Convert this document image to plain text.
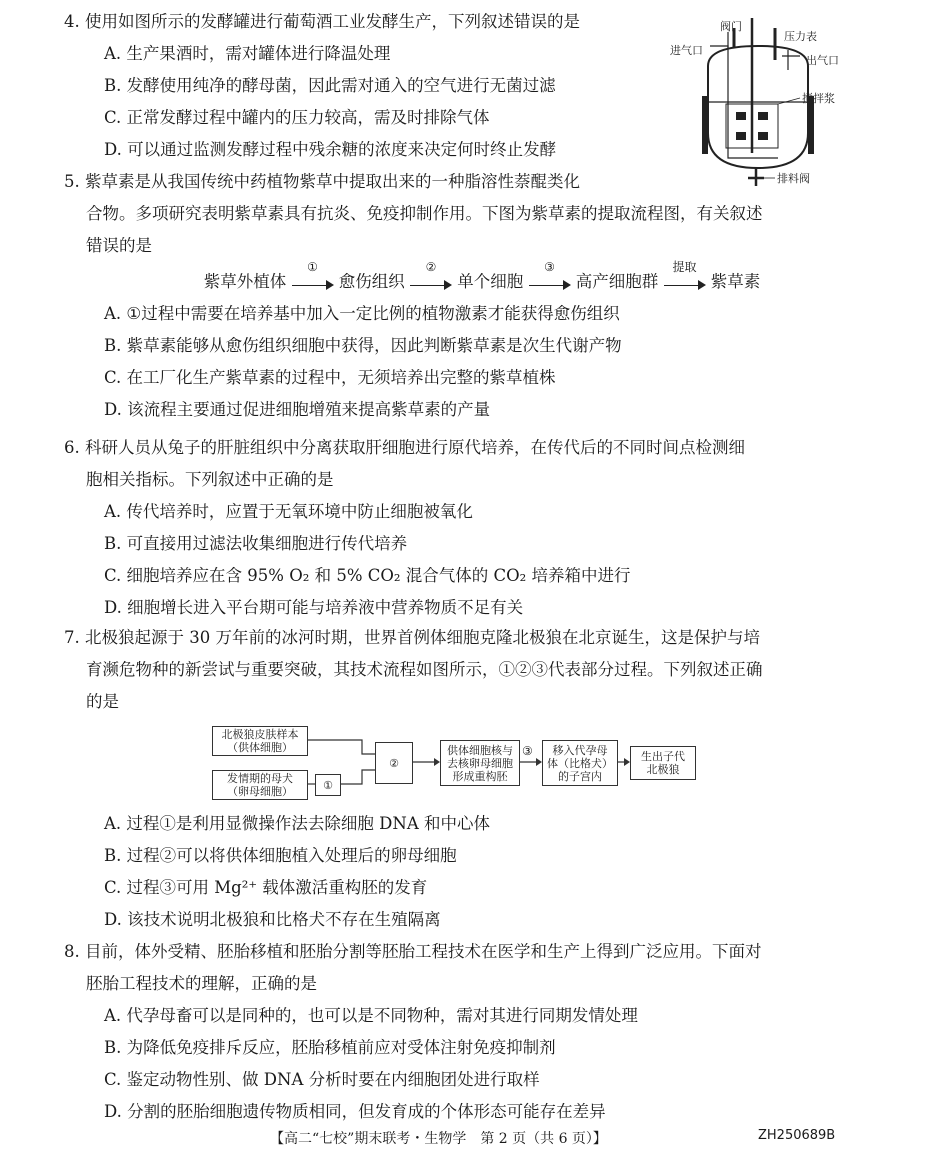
4. 使用如图所示的发酵罐进行葡萄酒工业发酵生产，下列叙述错误的是

A. 生产果酒时，需对罐体进行降温处理

B. 发酵使用纯净的酵母菌，因此需对通入的空气进行无菌过滤

C. 正常发酵过程中罐内的压力较高，需及时排除气体

D. 可以通过监测发酵过程中残余糖的浓度来决定何时终止发酵

阀门
压力表
进气口
出气口
搅拌浆
排料阀

5. 紫草素是从我国传统中药植物紫草中提取出来的一种脂溶性萘醌类化

合物。多项研究表明紫草素具有抗炎、免疫抑制作用。下图为紫草素的提取流程图，有关叙述

错误的是

紫草外植体
①
愈伤组织
②
单个细胞
③
高产细胞群
提取
紫草素

A. ①过程中需要在培养基中加入一定比例的植物激素才能获得愈伤组织

B. 紫草素能够从愈伤组织细胞中获得，因此判断紫草素是次生代谢产物

C. 在工厂化生产紫草素的过程中，无须培养出完整的紫草植株

D. 该流程主要通过促进细胞增殖来提高紫草素的产量

6. 科研人员从兔子的肝脏组织中分离获取肝细胞进行原代培养，在传代后的不同时间点检测细

胞相关指标。下列叙述中正确的是

A. 传代培养时，应置于无氧环境中防止细胞被氧化

B. 可直接用过滤法收集细胞进行传代培养

C. 细胞培养应在含 95% O₂ 和 5% CO₂ 混合气体的 CO₂ 培养箱中进行

D. 细胞增长进入平台期可能与培养液中营养物质不足有关

7. 北极狼起源于 30 万年前的冰河时期，世界首例体细胞克隆北极狼在北京诞生，这是保护与培

育濒危物种的新尝试与重要突破，其技术流程如图所示，①②③代表部分过程。下列叙述正确

的是

北极狼皮肤样本
（供体细胞）
发情期的母犬
（卵母细胞）	①
②
供体细胞核与
去核卵母细胞
形成重构胚
③ 移入代孕母
体（比格犬）
的子宫内
生出子代
北极狼

A. 过程①是利用显微操作法去除细胞 DNA 和中心体

B. 过程②可以将供体细胞植入处理后的卵母细胞

C. 过程③可用 Mg²⁺ 载体激活重构胚的发育

D. 该技术说明北极狼和比格犬不存在生殖隔离

8. 目前，体外受精、胚胎移植和胚胎分割等胚胎工程技术在医学和生产上得到广泛应用。下面对

胚胎工程技术的理解，正确的是

A. 代孕母畜可以是同种的，也可以是不同物种，需对其进行同期发情处理

B. 为降低免疫排斥反应，胚胎移植前应对受体注射免疫抑制剂

C. 鉴定动物性别、做 DNA 分析时要在内细胞团处进行取样

D. 分割的胚胎细胞遗传物质相同，但发育成的个体形态可能存在差异

【高二“七校”期末联考・生物学　第 2 页（共 6 页）】	ZH250689B
